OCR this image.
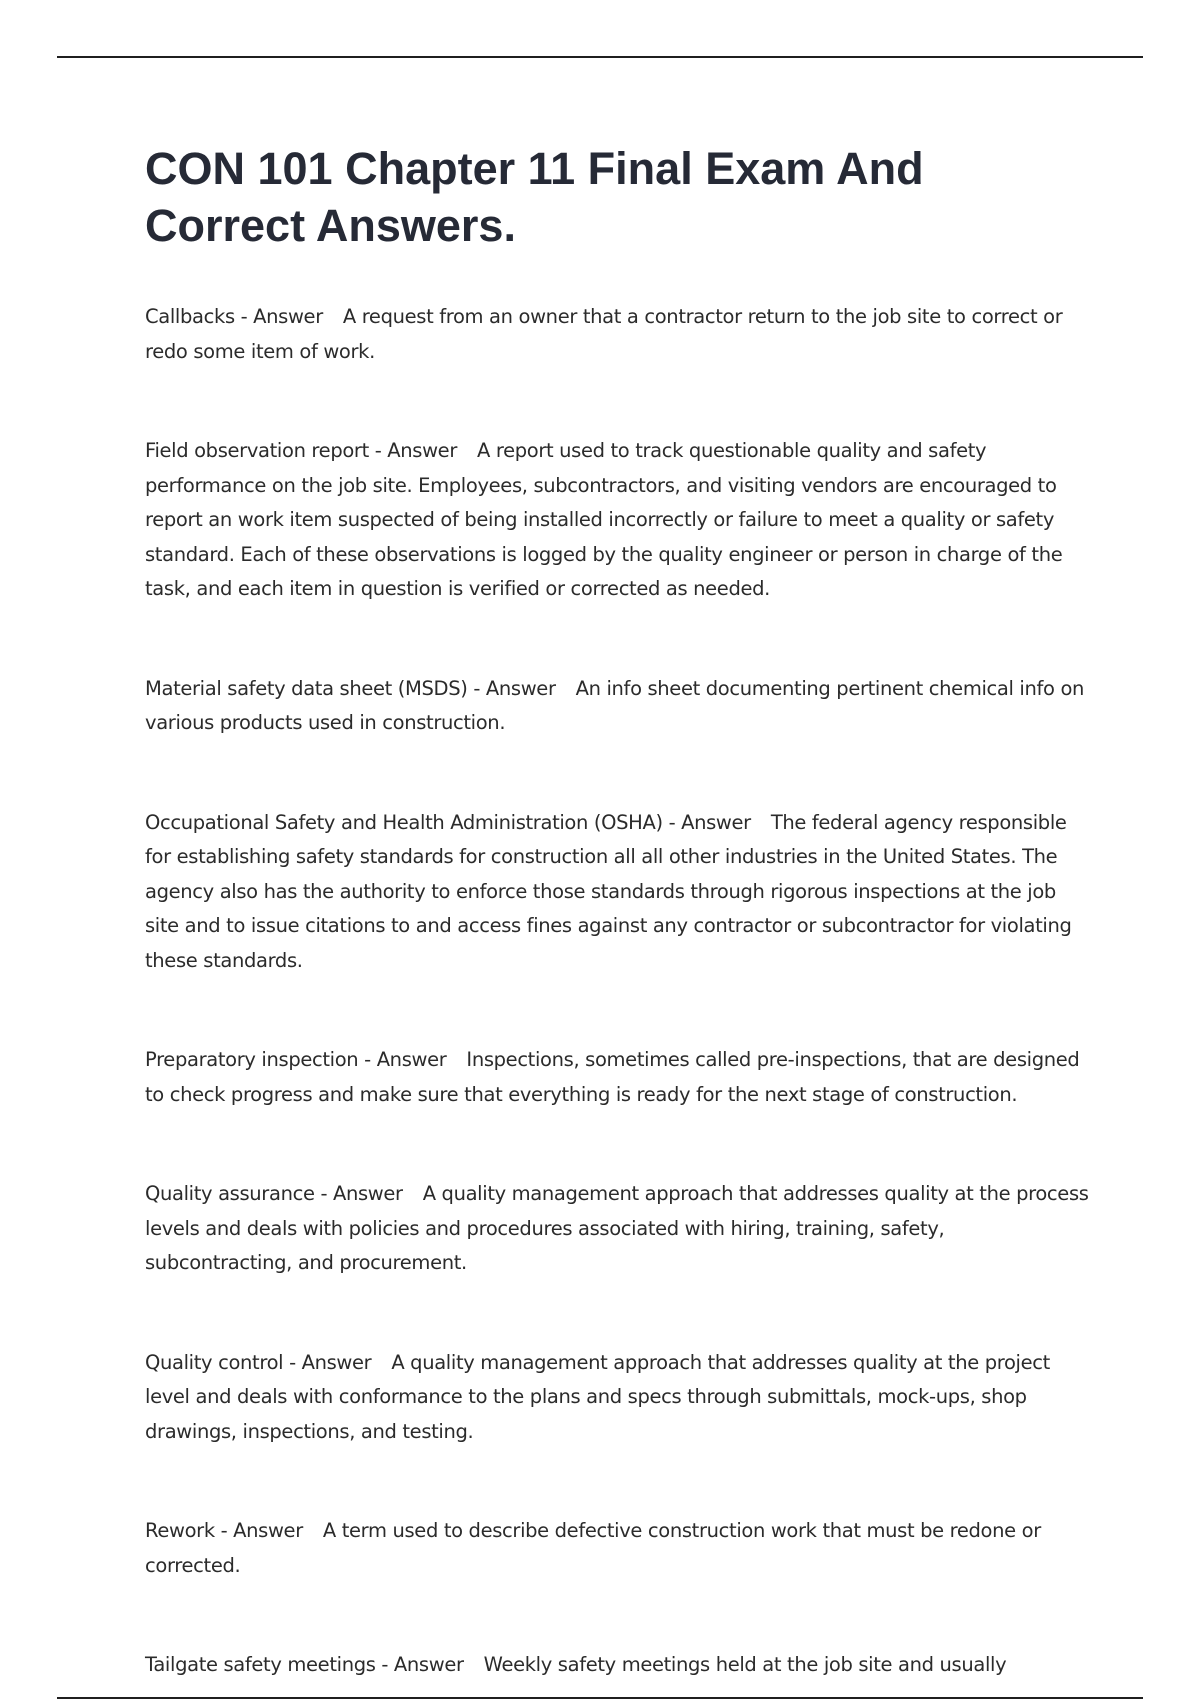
CON 101 Chapter 11 Final Exam And Correct Answers.

Callbacks - Answer A request from an owner that a contractor return to the job site to correct or redo some item of work.

Field observation report - Answer A report used to track questionable quality and safety performance on the job site. Employees, subcontractors, and visiting vendors are encouraged to report an work item suspected of being installed incorrectly or failure to meet a quality or safety standard. Each of these observations is logged by the quality engineer or person in charge of the task, and each item in question is verified or corrected as needed.

Material safety data sheet (MSDS) - Answer An info sheet documenting pertinent chemical info on various products used in construction.

Occupational Safety and Health Administration (OSHA) - Answer The federal agency responsible for establishing safety standards for construction all all other industries in the United States. The agency also has the authority to enforce those standards through rigorous inspections at the job site and to issue citations to and access fines against any contractor or subcontractor for violating these standards.

Preparatory inspection - Answer Inspections, sometimes called pre-inspections, that are designed to check progress and make sure that everything is ready for the next stage of construction.

Quality assurance - Answer A quality management approach that addresses quality at the process levels and deals with policies and procedures associated with hiring, training, safety, subcontracting, and procurement.

Quality control - Answer A quality management approach that addresses quality at the project level and deals with conformance to the plans and specs through submittals, mock-ups, shop drawings, inspections, and testing.

Rework - Answer A term used to describe defective construction work that must be redone or corrected.

Tailgate safety meetings - Answer Weekly safety meetings held at the job site and usually
